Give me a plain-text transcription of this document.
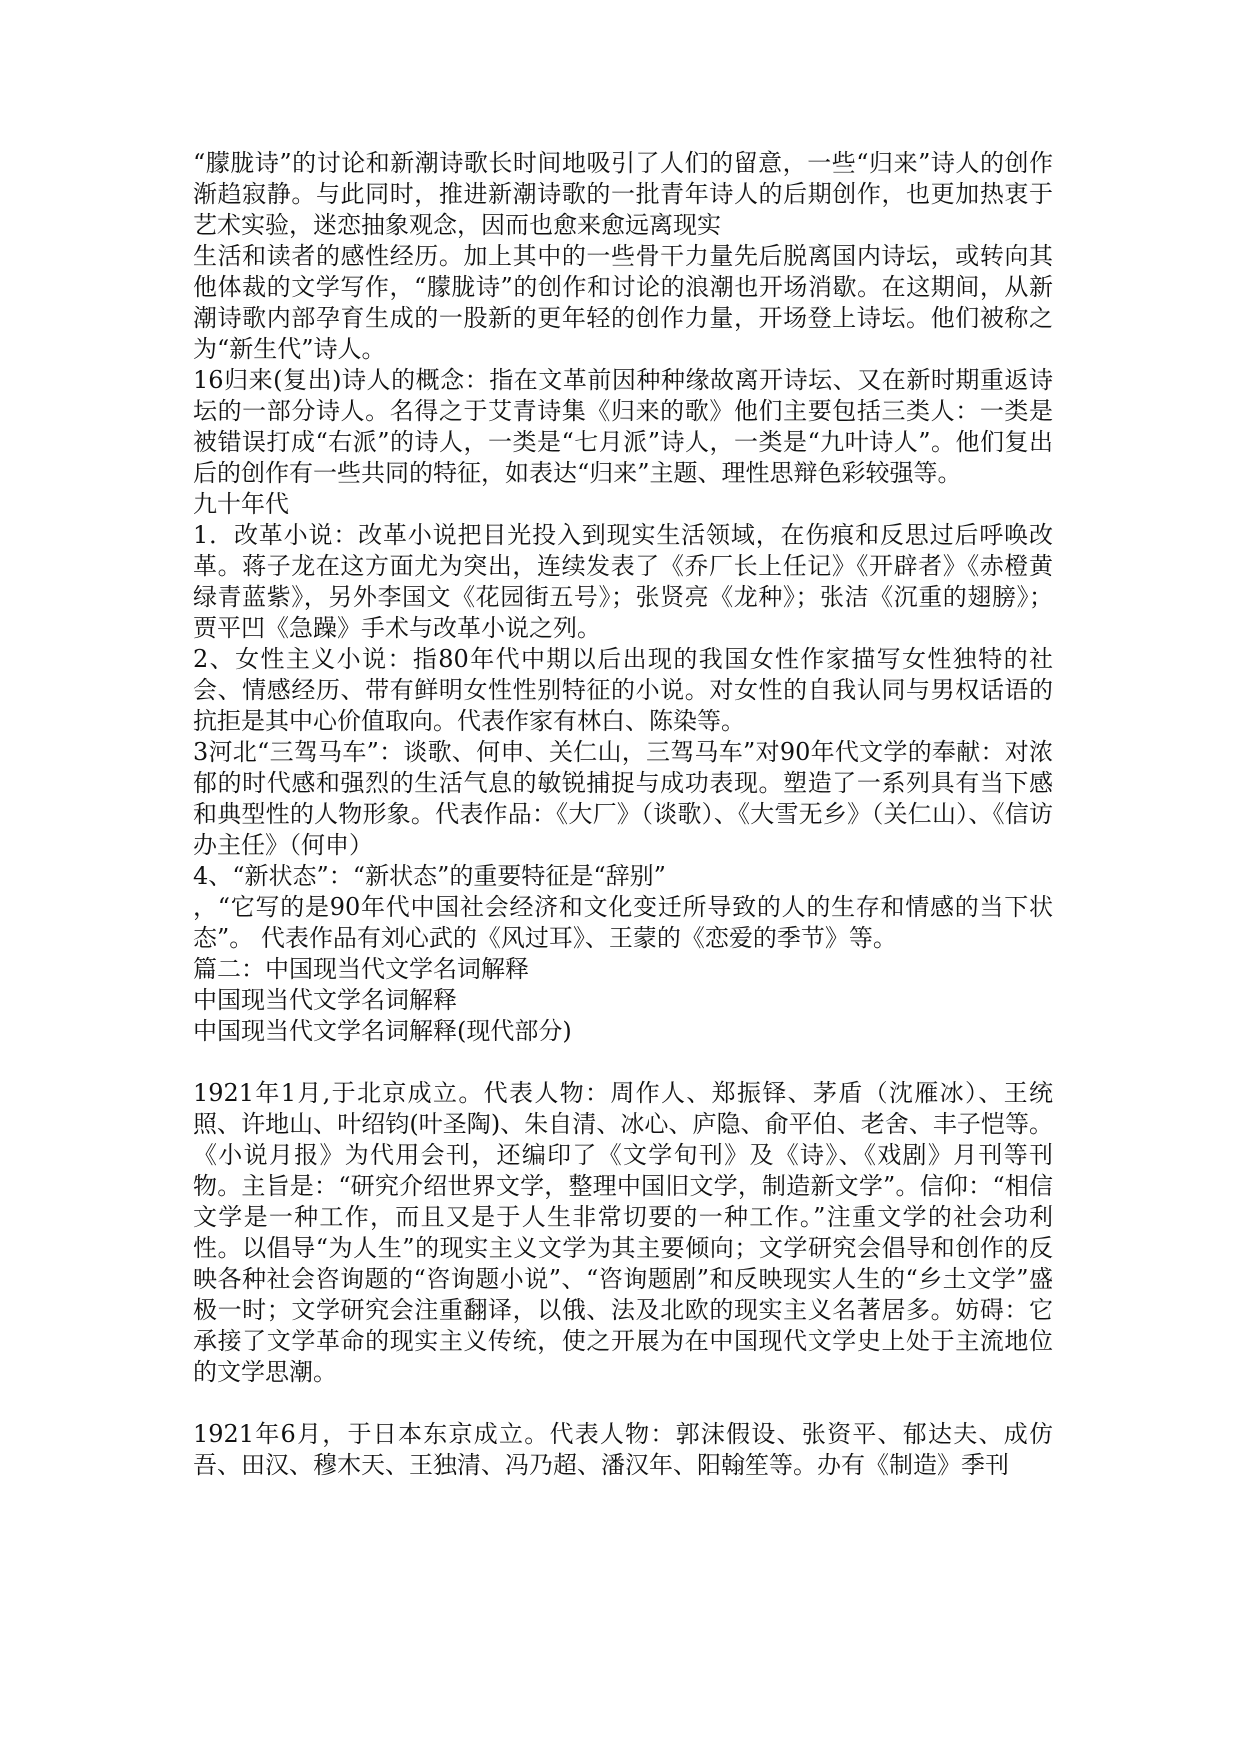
“朦胧诗”的讨论和新潮诗歌长时间地吸引了人们的留意，一些“归来”诗人的创作渐趋寂静。与此同时，推进新潮诗歌的一批青年诗人的后期创作，也更加热衷于艺术实验，迷恋抽象观念，因而也愈来愈远离现实

生活和读者的感性经历。加上其中的一些骨干力量先后脱离国内诗坛，或转向其他体裁的文学写作，“朦胧诗”的创作和讨论的浪潮也开场消歇。在这期间，从新潮诗歌内部孕育生成的一股新的更年轻的创作力量，开场登上诗坛。他们被称之为“新生代”诗人。

16归来(复出)诗人的概念：指在文革前因种种缘故离开诗坛、又在新时期重返诗坛的一部分诗人。名得之于艾青诗集《归来的歌》他们主要包括三类人：一类是被错误打成“右派”的诗人，一类是“七月派”诗人，一类是“九叶诗人”。他们复出后的创作有一些共同的特征，如表达“归来”主题、理性思辩色彩较强等。

九十年代

1．改革小说：改革小说把目光投入到现实生活领域，在伤痕和反思过后呼唤改革。蒋子龙在这方面尤为突出，连续发表了《乔厂长上任记》《开辟者》《赤橙黄绿青蓝紫》，另外李国文《花园街五号》；张贤亮《龙种》；张洁《沉重的翅膀》；贾平凹《急躁》手术与改革小说之列。

2、女性主义小说：指80年代中期以后出现的我国女性作家描写女性独特的社会、情感经历、带有鲜明女性性别特征的小说。对女性的自我认同与男权话语的抗拒是其中心价值取向。代表作家有林白、陈染等。

3河北“三驾马车”：谈歌、何申、关仁山，三驾马车”对90年代文学的奉献：对浓郁的时代感和强烈的生活气息的敏锐捕捉与成功表现。塑造了一系列具有当下感和典型性的人物形象。代表作品：《大厂》（谈歌）、《大雪无乡》（关仁山）、《信访办主任》（何申）

4、“新状态”：“新状态”的重要特征是“辞别”

，“它写的是90年代中国社会经济和文化变迁所导致的人的生存和情感的当下状态”。 代表作品有刘心武的《风过耳》、王蒙的《恋爱的季节》等。

篇二：中国现当代文学名词解释

中国现当代文学名词解释

中国现当代文学名词解释(现代部分)

1921年1月,于北京成立。代表人物：周作人、郑振铎、茅盾（沈雁冰）、王统照、许地山、叶绍钧(叶圣陶)、朱自清、冰心、庐隐、俞平伯、老舍、丰子恺等。《小说月报》为代用会刊，还编印了《文学旬刊》及《诗》、《戏剧》月刊等刊物。主旨是：“研究介绍世界文学，整理中国旧文学，制造新文学”。信仰：“相信文学是一种工作，而且又是于人生非常切要的一种工作。”注重文学的社会功利性。以倡导“为人生”的现实主义文学为其主要倾向；文学研究会倡导和创作的反映各种社会咨询题的“咨询题小说”、“咨询题剧”和反映现实人生的“乡土文学”盛极一时；文学研究会注重翻译，以俄、法及北欧的现实主义名著居多。妨碍：它承接了文学革命的现实主义传统，使之开展为在中国现代文学史上处于主流地位的文学思潮。

1921年6月，于日本东京成立。代表人物：郭沫假设、张资平、郁达夫、成仿吾、田汉、穆木天、王独清、冯乃超、潘汉年、阳翰笙等。办有《制造》季刊
